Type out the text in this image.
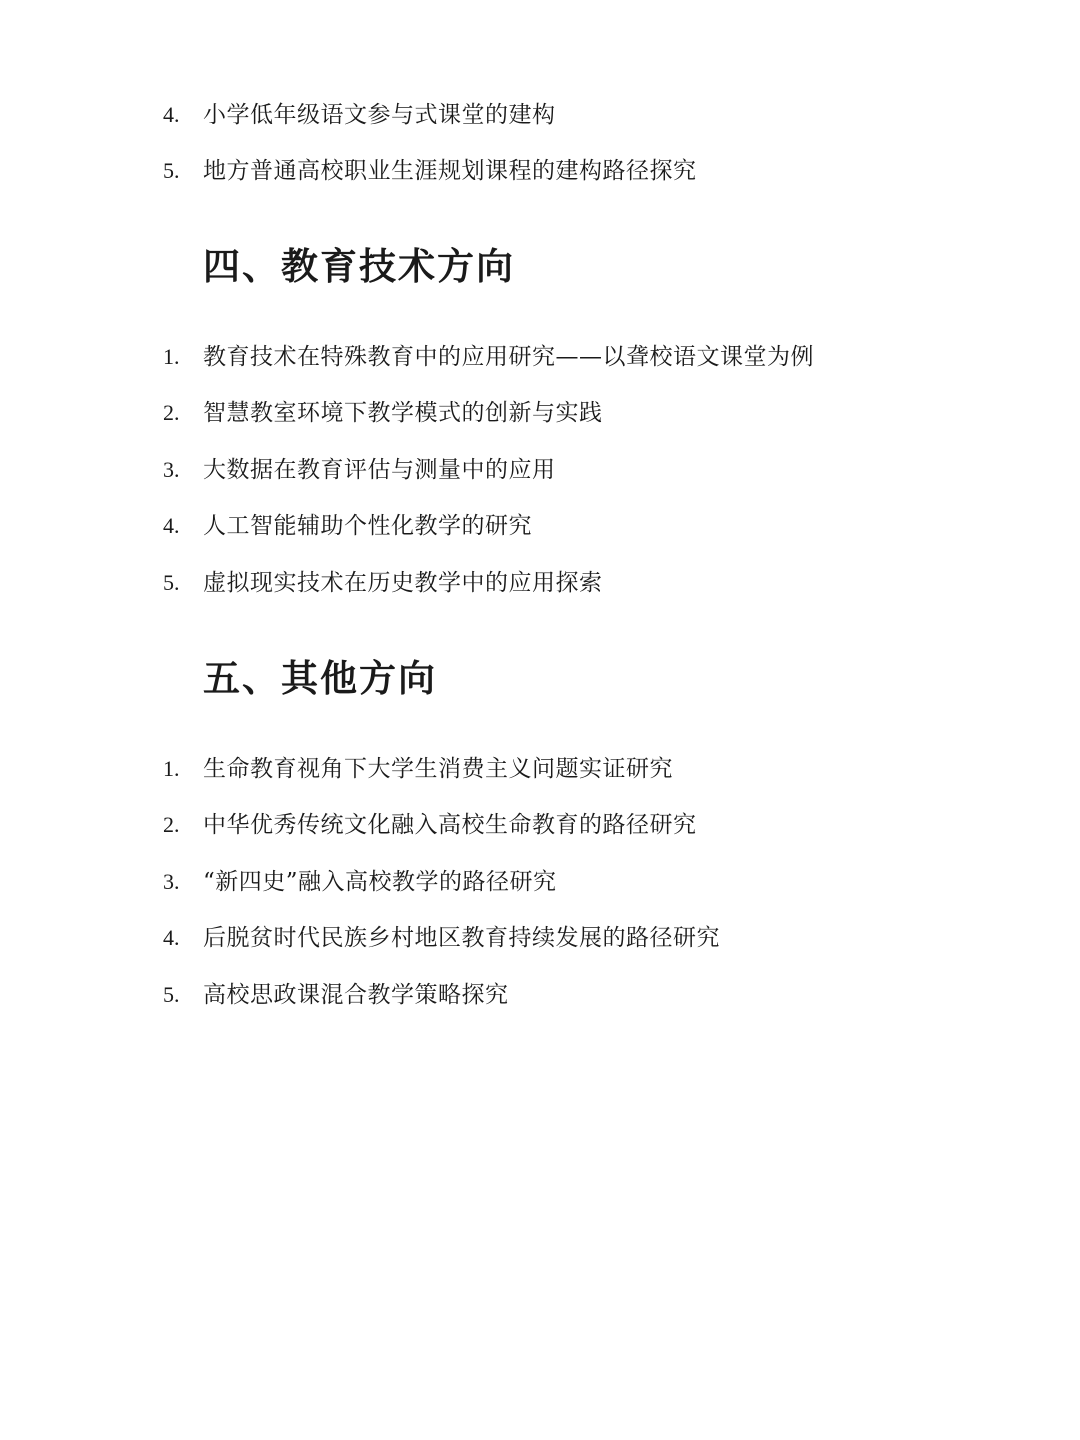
4.	小学低年级语文参与式课堂的建构
5.	地方普通高校职业生涯规划课程的建构路径探究
四、教育技术方向
1.	教育技术在特殊教育中的应用研究——以聋校语文课堂为例
2.	智慧教室环境下教学模式的创新与实践
3.	大数据在教育评估与测量中的应用
4.	人工智能辅助个性化教学的研究
5.	虚拟现实技术在历史教学中的应用探索
五、其他方向
1.	生命教育视角下大学生消费主义问题实证研究
2.	中华优秀传统文化融入高校生命教育的路径研究
3.	“新四史”融入高校教学的路径研究
4.	后脱贫时代民族乡村地区教育持续发展的路径研究
5.	高校思政课混合教学策略探究
